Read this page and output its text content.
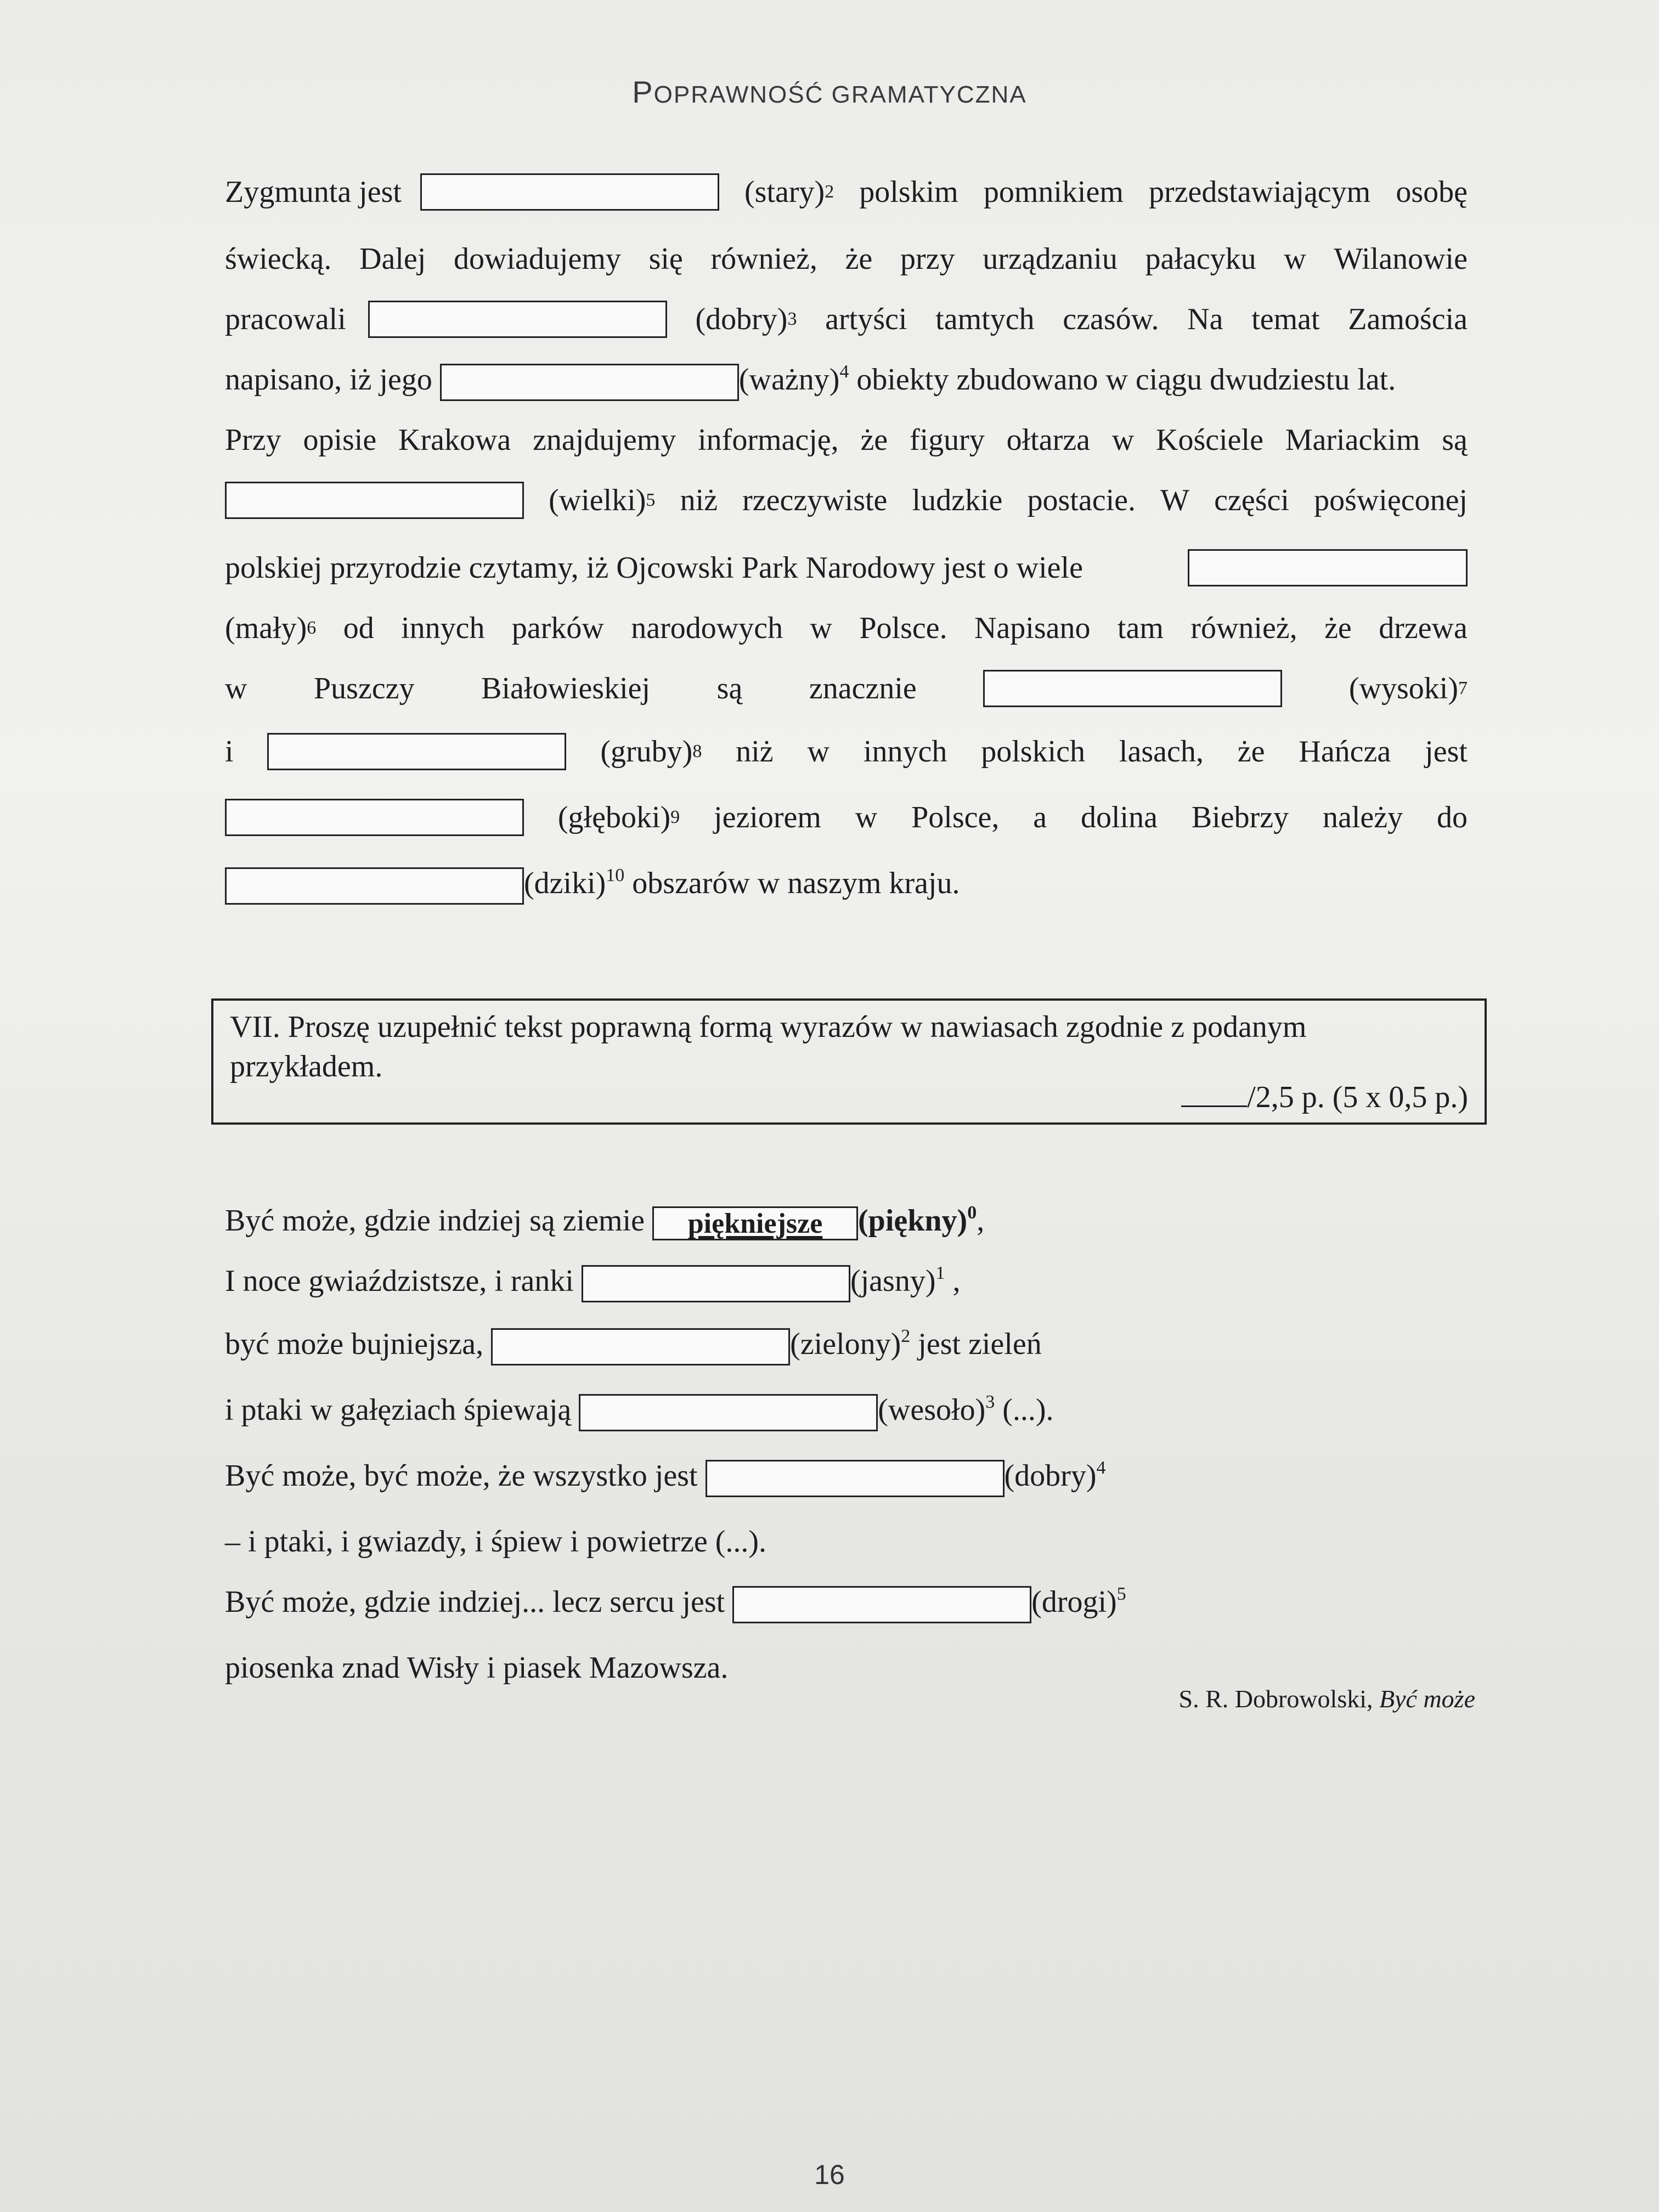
POPRAWNOŚĆ GRAMATYCZNA
Zygmunta jest
	(stary) 2 polskim pomnikiem przedstawiającym osobę
świecką. Dalej dowiadujemy się również, że przy urządzaniu pałacyku w Wilanowie
pracowali	(dobry) 3 artyści tamtych czasów. Na temat Zamościa
napisano, iż jego	(ważny)$^4$ obiekty zbudowano w ciągu dwudziestu lat.
Przy opisie Krakowa znajdujemy informację, że figury ołtarza w Kościele Mariackim są
(wielki) 5 niż rzeczywiste ludzkie postacie. W części poświęconej
polskiej przyrodzie czytamy, iż Ojcowski Park Narodowy jest o wiele
(mały) 6 od innych parków narodowych w Polsce. Napisano tam również, że drzewa
w Puszczy Białowieskiej są znacznie	(wysoki) 7
i	(gruby) 8 niż w innych polskich lasach, że Hańcza jest
(głęboki) 9 jeziorem w Polsce, a dolina Biebrzy należy do
(dziki)$^{10}$ obszarów w naszym kraju.
VII. Proszę uzupełnić tekst poprawną formą wyrazów w nawiasach zgodnie z podanym
przykładem.
/2,5 p. (5 x 0,5 p.)
Być może, gdzie indziej są ziemie piękniejsze (piękny)$^0$,
I noce gwiaździstsze, i ranki	(jasny)$^1$ ,
być może bujniejsza,	(zielony)$^2$ jest zieleń
i ptaki w gałęziach śpiewają	(wesoło)$^3$ (...).
Być może, być może, że wszystko jest	(dobry)$^4$
– i ptaki, i gwiazdy, i śpiew i powietrze (...).
Być może, gdzie indziej... lecz sercu jest	(drogi)$^5$
piosenka znad Wisły i piasek Mazowsza.
S. R. Dobrowolski, Być może
16
